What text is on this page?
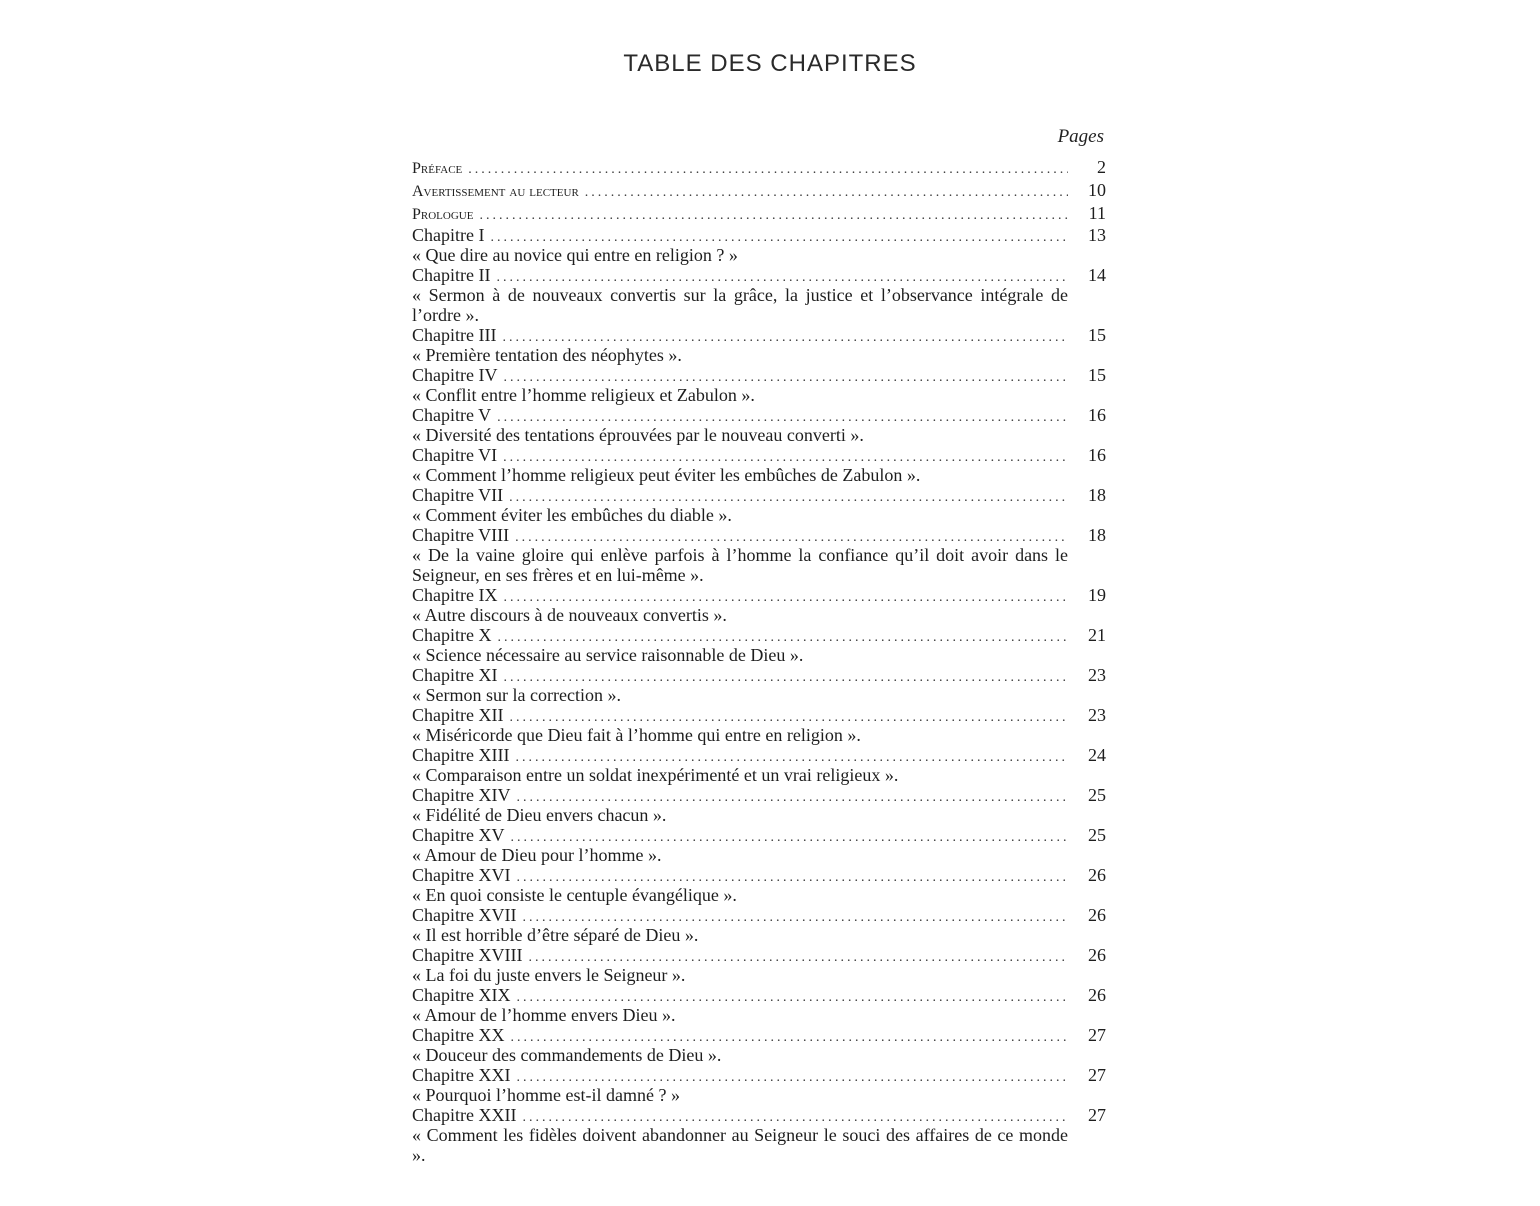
TABLE DES CHAPITRES
Pages
Préface .....	2
Avertissement au lecteur .....	10
Prologue .....	11
Chapitre I .....	13
« Que dire au novice qui entre en religion ? »
Chapitre II .....	14
« Sermon à de nouveaux convertis sur la grâce, la justice et l’observance intégrale de l’ordre ».
Chapitre III .....	15
« Première tentation des néophytes ».
Chapitre IV .....	15
« Conflit entre l’homme religieux et Zabulon ».
Chapitre V .....	16
« Diversité des tentations éprouvées par le nouveau converti ».
Chapitre VI .....	16
« Comment l’homme religieux peut éviter les embûches de Zabulon ».
Chapitre VII .....	18
« Comment éviter les embûches du diable ».
Chapitre VIII .....	18
« De la vaine gloire qui enlève parfois à l’homme la confiance qu’il doit avoir dans le Seigneur, en ses frères et en lui-même ».
Chapitre IX .....	19
« Autre discours à de nouveaux convertis ».
Chapitre X .....	21
« Science nécessaire au service raisonnable de Dieu ».
Chapitre XI .....	23
« Sermon sur la correction ».
Chapitre XII .....	23
« Miséricorde que Dieu fait à l’homme qui entre en religion ».
Chapitre XIII .....	24
« Comparaison entre un soldat inexpérimenté et un vrai religieux ».
Chapitre XIV .....	25
« Fidélité de Dieu envers chacun ».
Chapitre XV .....	25
« Amour de Dieu pour l’homme ».
Chapitre XVI .....	26
« En quoi consiste le centuple évangélique ».
Chapitre XVII .....	26
« Il est horrible d’être séparé de Dieu ».
Chapitre XVIII .....	26
« La foi du juste envers le Seigneur ».
Chapitre XIX .....	26
« Amour de l’homme envers Dieu ».
Chapitre XX .....	27
« Douceur des commandements de Dieu ».
Chapitre XXI .....	27
« Pourquoi l’homme est-il damné ? »
Chapitre XXII .....	27
« Comment les fidèles doivent abandonner au Seigneur le souci des affaires de ce monde ».
